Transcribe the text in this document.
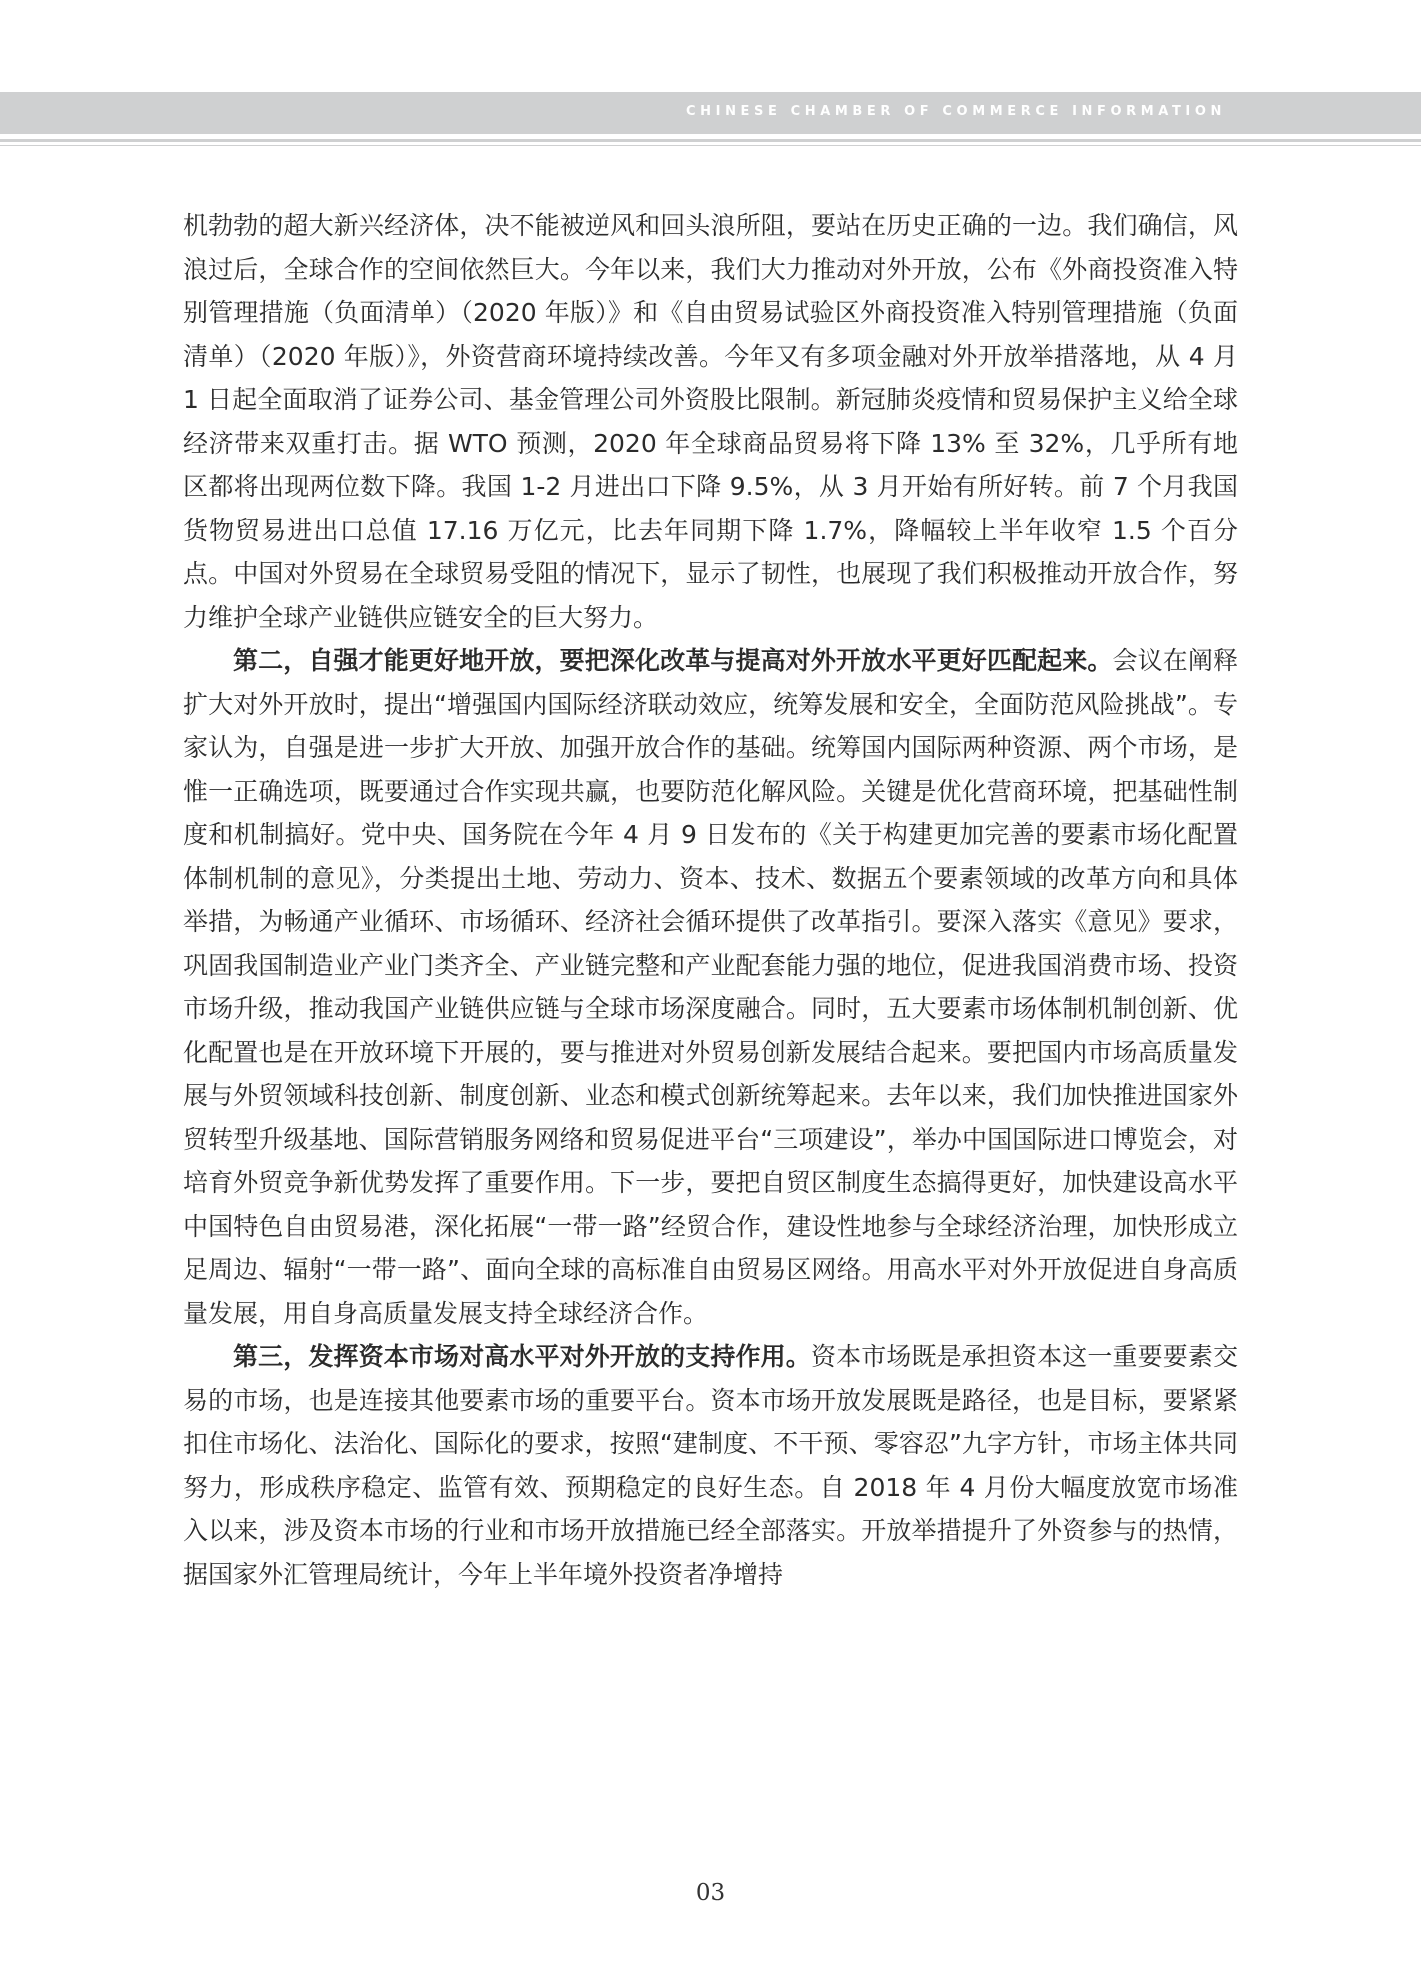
CHINESE CHAMBER OF COMMERCE INFORMATION

机勃勃的超大新兴经济体，决不能被逆风和回头浪所阻，要站在历史正确的一边。我们确信，风浪过后，全球合作的空间依然巨大。今年以来，我们大力推动对外开放，公布《外商投资准入特别管理措施（负面清单）（2020 年版）》和《自由贸易试验区外商投资准入特别管理措施（负面清单）（2020 年版）》，外资营商环境持续改善。今年又有多项金融对外开放举措落地，从 4 月 1 日起全面取消了证券公司、基金管理公司外资股比限制。新冠肺炎疫情和贸易保护主义给全球经济带来双重打击。据 WTO 预测，2020 年全球商品贸易将下降 13% 至 32%，几乎所有地区都将出现两位数下降。我国 1-2 月进出口下降 9.5%，从 3 月开始有所好转。前 7 个月我国货物贸易进出口总值 17.16 万亿元，比去年同期下降 1.7%，降幅较上半年收窄 1.5 个百分点。中国对外贸易在全球贸易受阻的情况下，显示了韧性，也展现了我们积极推动开放合作，努力维护全球产业链供应链安全的巨大努力。

第二，自强才能更好地开放，要把深化改革与提高对外开放水平更好匹配起来。会议在阐释扩大对外开放时，提出“增强国内国际经济联动效应，统筹发展和安全，全面防范风险挑战”。专家认为，自强是进一步扩大开放、加强开放合作的基础。统筹国内国际两种资源、两个市场，是惟一正确选项，既要通过合作实现共赢，也要防范化解风险。关键是优化营商环境，把基础性制度和机制搞好。党中央、国务院在今年 4 月 9 日发布的《关于构建更加完善的要素市场化配置体制机制的意见》，分类提出土地、劳动力、资本、技术、数据五个要素领域的改革方向和具体举措，为畅通产业循环、市场循环、经济社会循环提供了改革指引。要深入落实《意见》要求，巩固我国制造业产业门类齐全、产业链完整和产业配套能力强的地位，促进我国消费市场、投资市场升级，推动我国产业链供应链与全球市场深度融合。同时，五大要素市场体制机制创新、优化配置也是在开放环境下开展的，要与推进对外贸易创新发展结合起来。要把国内市场高质量发展与外贸领域科技创新、制度创新、业态和模式创新统筹起来。去年以来，我们加快推进国家外贸转型升级基地、国际营销服务网络和贸易促进平台“三项建设”，举办中国国际进口博览会，对培育外贸竞争新优势发挥了重要作用。下一步，要把自贸区制度生态搞得更好，加快建设高水平中国特色自由贸易港，深化拓展“一带一路”经贸合作，建设性地参与全球经济治理，加快形成立足周边、辐射“一带一路”、面向全球的高标准自由贸易区网络。用高水平对外开放促进自身高质量发展，用自身高质量发展支持全球经济合作。

第三，发挥资本市场对高水平对外开放的支持作用。资本市场既是承担资本这一重要要素交易的市场，也是连接其他要素市场的重要平台。资本市场开放发展既是路径，也是目标，要紧紧扣住市场化、法治化、国际化的要求，按照“建制度、不干预、零容忍”九字方针，市场主体共同努力，形成秩序稳定、监管有效、预期稳定的良好生态。自 2018 年 4 月份大幅度放宽市场准入以来，涉及资本市场的行业和市场开放措施已经全部落实。开放举措提升了外资参与的热情，据国家外汇管理局统计，今年上半年境外投资者净增持

03
